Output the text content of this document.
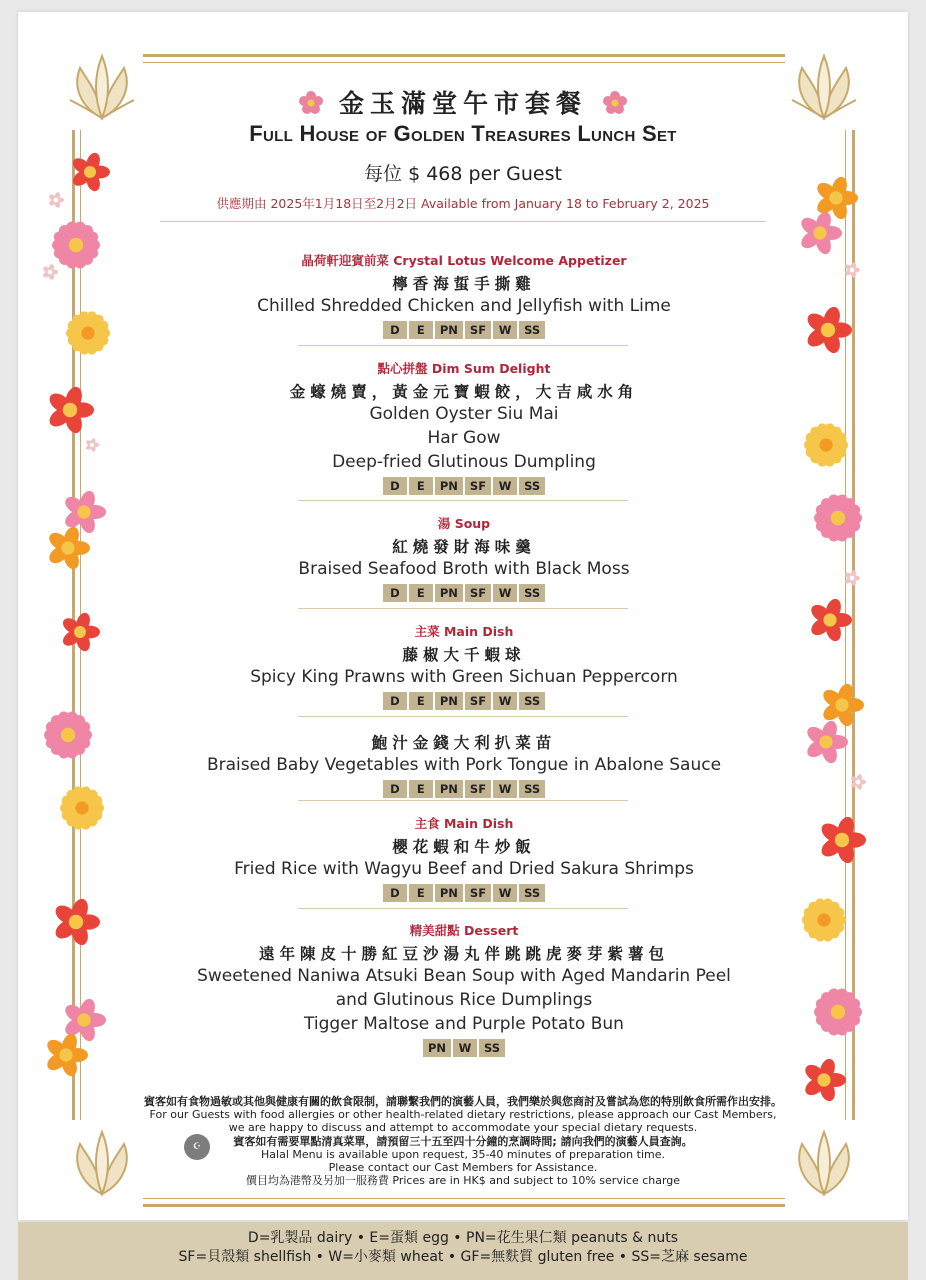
金玉滿堂午市套餐
Full House of Golden Treasures Lunch Set
每位 $ 468 per Guest
供應期由 2025年1月18日至2月2日 Available from January 18 to February 2, 2025
晶荷軒迎賓前菜 Crystal Lotus Welcome Appetizer
檸香海蜇手撕雞
Chilled Shredded Chicken and Jellyfish with Lime
D	E	PN	SF	W	SS
點心拼盤 Dim Sum Delight
金蠔燒賣，黃金元寶蝦餃，大吉咸水角
Golden Oyster Siu Mai
Har Gow
Deep-fried Glutinous Dumpling
D	E	PN	SF	W	SS
湯 Soup
紅燒發財海味羹
Braised Seafood Broth with Black Moss
D	E	PN	SF	W	SS
主菜 Main Dish
藤椒大千蝦球
Spicy King Prawns with Green Sichuan Peppercorn
D	E	PN	SF	W	SS
鮑汁金錢大利扒菜苗
Braised Baby Vegetables with Pork Tongue in Abalone Sauce
D	E	PN	SF	W	SS
主食 Main Dish
櫻花蝦和牛炒飯
Fried Rice with Wagyu Beef and Dried Sakura Shrimps
D	E	PN	SF	W	SS
精美甜點 Dessert
遠年陳皮十勝紅豆沙湯丸伴跳跳虎麥芽紫薯包
Sweetened Naniwa Atsuki Bean Soup with Aged Mandarin Peel
and Glutinous Rice Dumplings
Tigger Maltose and Purple Potato Bun
PN	W	SS
賓客如有食物過敏或其他與健康有關的飲食限制，請聯繫我們的演藝人員，我們樂於與您商討及嘗試為您的特別飲食所需作出安排。
For our Guests with food allergies or other health-related dietary restrictions, please approach our Cast Members,
we are happy to discuss and attempt to accommodate your special dietary requests.
賓客如有需要單點清真菜單，請預留三十五至四十分鐘的烹調時間; 請向我們的演藝人員查詢。
Halal Menu is available upon request, 35-40 minutes of preparation time.
Please contact our Cast Members for Assistance.
價目均為港幣及另加一服務費 Prices are in HK$ and subject to 10% service charge
☪
D=乳製品 dairy • E=蛋類 egg • PN=花生果仁類 peanuts & nuts
SF=貝殼類 shellfish • W=小麥類 wheat • GF=無麩質 gluten free • SS=芝麻 sesame
